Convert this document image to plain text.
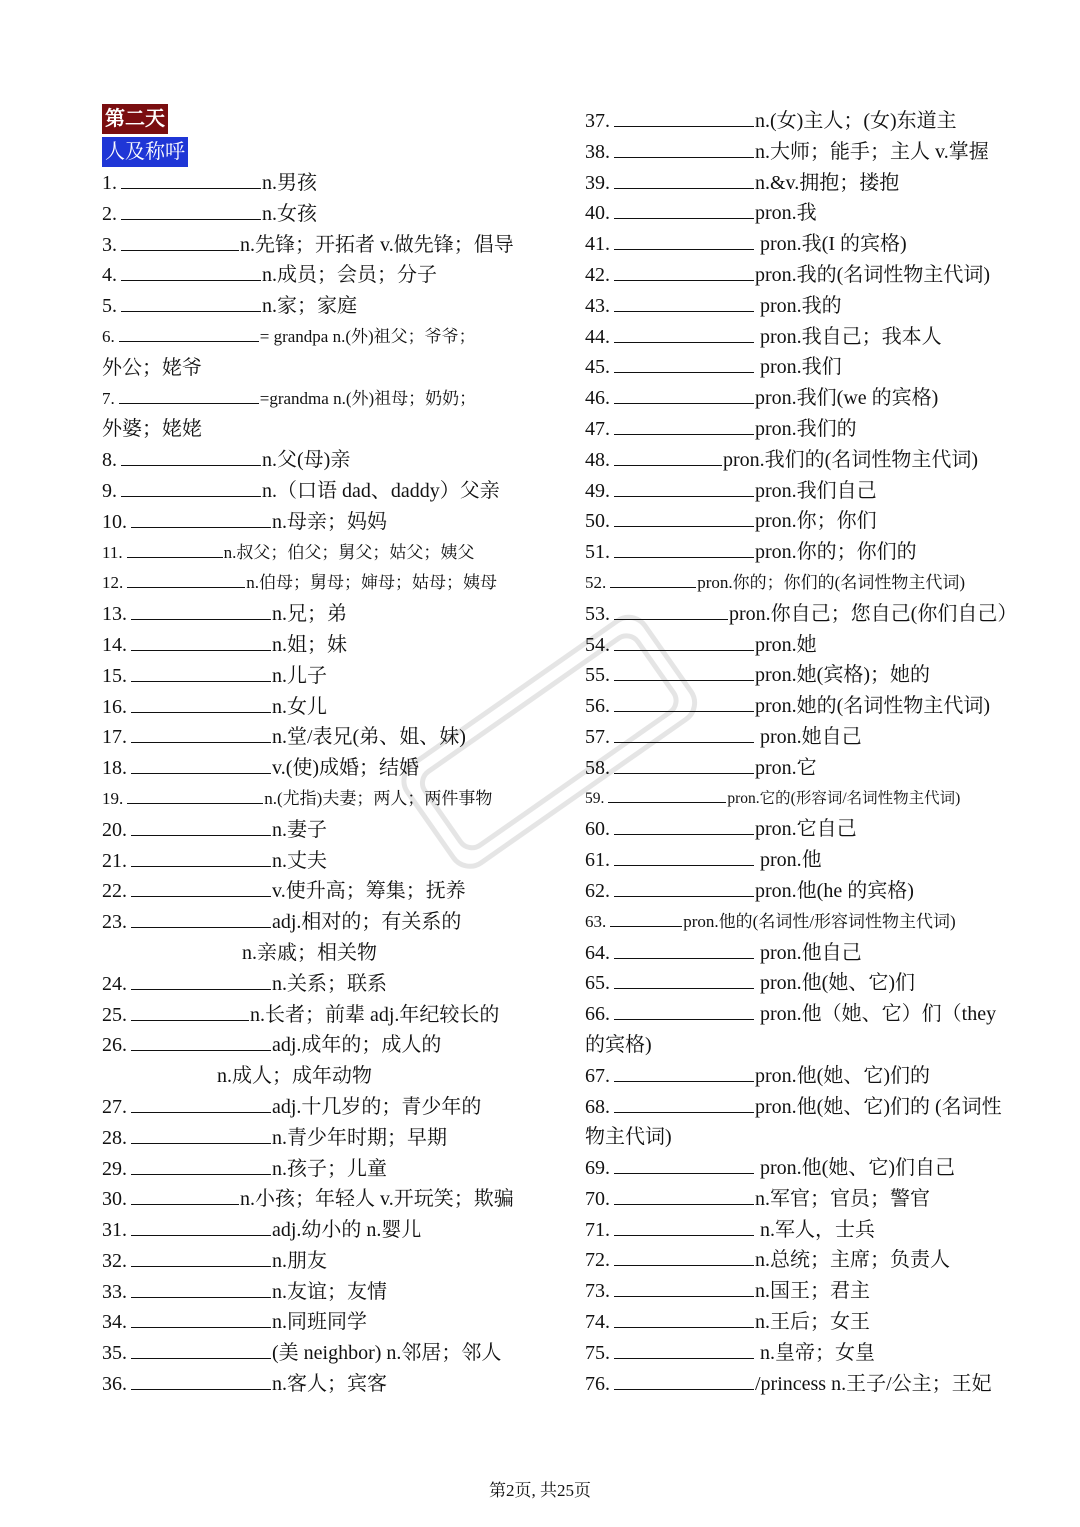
第二天
人及称呼
1.	n.男孩
2.	n.女孩
3.	n.先锋；开拓者 v.做先锋；倡导
4.	n.成员；会员；分子
5.	n.家；家庭
6.	= grandpa n.(外)祖父；爷爷；
外公；姥爷
7.	=grandma n.(外)祖母；奶奶；
外婆；姥姥
8.	n.父(母)亲
9.	n.（口语 dad、daddy）父亲
10.	n.母亲；妈妈
11.	n.叔父；伯父；舅父；姑父；姨父
12.	n.伯母；舅母；婶母；姑母；姨母
13.	n.兄；弟
14.	n.姐；妹
15.	n.儿子
16.	n.女儿
17.	n.堂/表兄(弟、姐、妹)
18.	v.(使)成婚；结婚
19.	n.(尤指)夫妻；两人；两件事物
20.	n.妻子
21.	n.丈夫
22.	v.使升高；筹集；抚养
23.	adj.相对的；有关系的
n.亲戚；相关物
24.	n.关系；联系
25.	n.长者；前辈 adj.年纪较长的
26.	adj.成年的；成人的
n.成人；成年动物
27.	adj.十几岁的；青少年的
28.	n.青少年时期；早期
29.	n.孩子；儿童
30.	n.小孩；年轻人 v.开玩笑；欺骗
31.	adj.幼小的 n.婴儿
32.	n.朋友
33.	n.友谊；友情
34.	n.同班同学
35.	(美 neighbor) n.邻居；邻人
36.	n.客人；宾客
37.	n.(女)主人；(女)东道主
38.	n.大师；能手；主人 v.掌握
39.	n.&v.拥抱；搂抱
40.	pron.我
41.	pron.我(I 的宾格)
42.	pron.我的(名词性物主代词)
43.	pron.我的
44.	pron.我自己；我本人
45.	pron.我们
46.	pron.我们(we 的宾格)
47.	pron.我们的
48.	pron.我们的(名词性物主代词)
49.	pron.我们自己
50.	pron.你；你们
51.	pron.你的；你们的
52.	pron.你的；你们的(名词性物主代词)
53.	pron.你自己；您自己(你们自己）
54.	pron.她
55.	pron.她(宾格)；她的
56.	pron.她的(名词性物主代词)
57.	pron.她自己
58.	pron.它
59.	pron.它的(形容词/名词性物主代词)
60.	pron.它自己
61.	pron.他
62.	pron.他(he 的宾格)
63.	pron.他的(名词性/形容词性物主代词)
64.	pron.他自己
65.	pron.他(她、它)们
66.	pron.他（她、它）们（they
的宾格)
67.	pron.他(她、它)们的
68.	pron.他(她、它)们的 (名词性
物主代词)
69.	pron.他(她、它)们自己
70.	n.军官；官员；警官
71.	n.军人，士兵
72.	n.总统；主席；负责人
73.	n.国王；君主
74.	n.王后；女王
75.	n.皇帝；女皇
76.	/princess n.王子/公主；王妃
第2页, 共25页
